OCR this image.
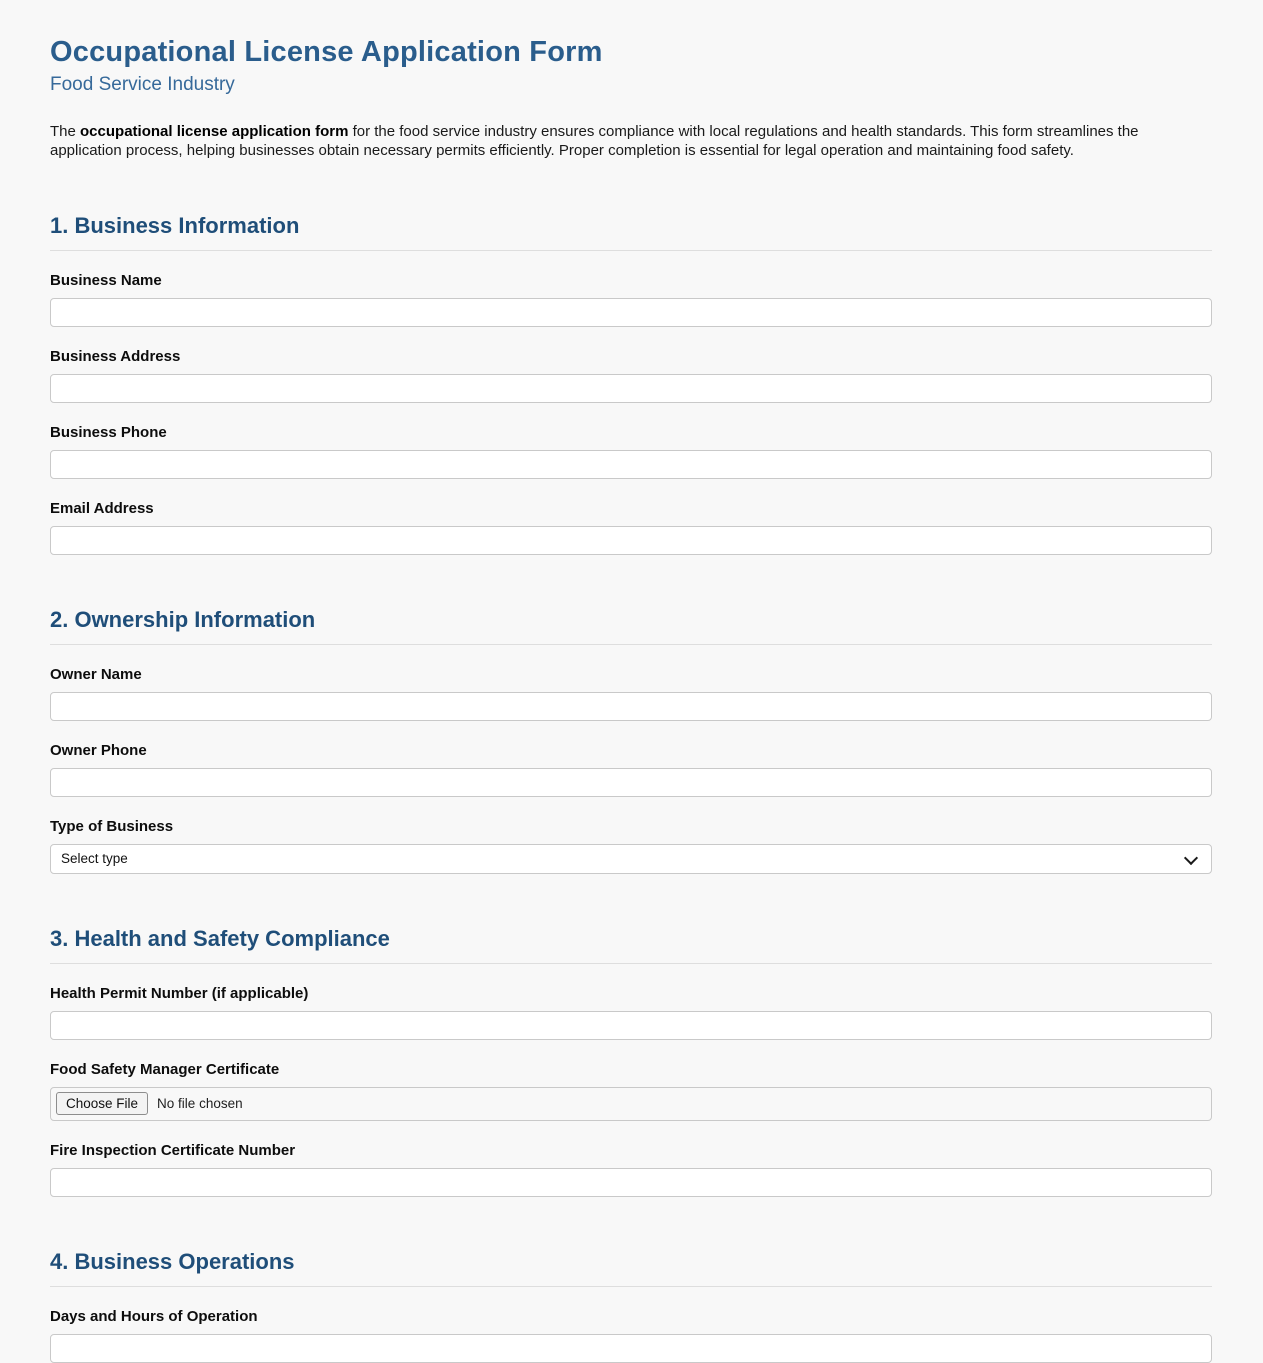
Occupational License Application Form
Food Service Industry

The occupational license application form for the food service industry ensures compliance with local regulations and health standards. This form streamlines the application process, helping businesses obtain necessary permits efficiently. Proper completion is essential for legal operation and maintaining food safety.

1. Business Information
Business Name
Business Address
Business Phone
Email Address
2. Ownership Information
Owner Name
Owner Phone
Type of Business
Select type
3. Health and Safety Compliance
Health Permit Number (if applicable)
Food Safety Manager Certificate
Choose File	No file chosen
Fire Inspection Certificate Number
4. Business Operations
Days and Hours of Operation
